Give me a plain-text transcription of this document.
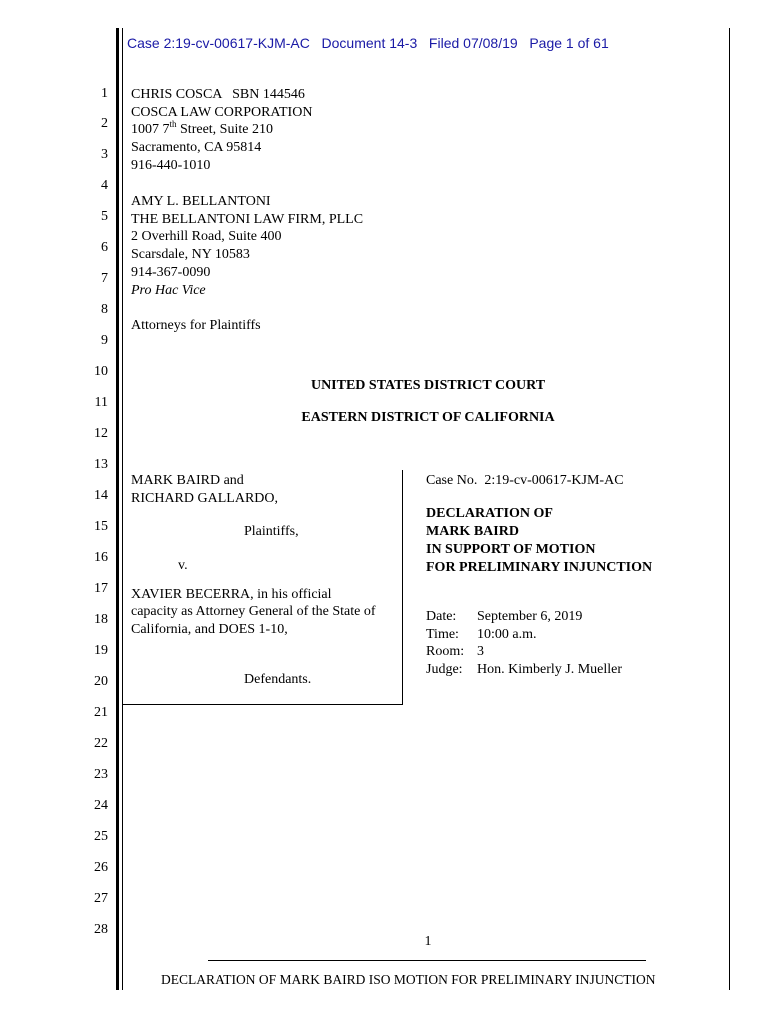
Case 2:19-cv-00617-KJM-AC Document 14-3 Filed 07/08/19 Page 1 of 61
1
2
3
4
5
6
7
8
9
10
11
12
13
14
15
16
17
18
19
20
21
22
23
24
25
26
27
28
CHRIS COSCA   SBN 144546
COSCA LAW CORPORATION
1007 7th Street, Suite 210
Sacramento, CA 95814
916-440-1010
AMY L. BELLANTONI
THE BELLANTONI LAW FIRM, PLLC
2 Overhill Road, Suite 400
Scarsdale, NY 10583
914-367-0090
Pro Hac Vice
Attorneys for Plaintiffs
UNITED STATES DISTRICT COURT
EASTERN DISTRICT OF CALIFORNIA
MARK BAIRD and
RICHARD GALLARDO,
Plaintiffs,
v.
XAVIER BECERRA, in his official
capacity as Attorney General of the State of
California, and DOES 1-10,
Defendants.
Case No.  2:19-cv-00617-KJM-AC
DECLARATION OF
MARK BAIRD
IN SUPPORT OF MOTION
FOR PRELIMINARY INJUNCTION
Date: September 6, 2019
Time: 10:00 a.m.
Room: 3
Judge: Hon. Kimberly J. Mueller
1
DECLARATION OF MARK BAIRD ISO MOTION FOR PRELIMINARY INJUNCTION
